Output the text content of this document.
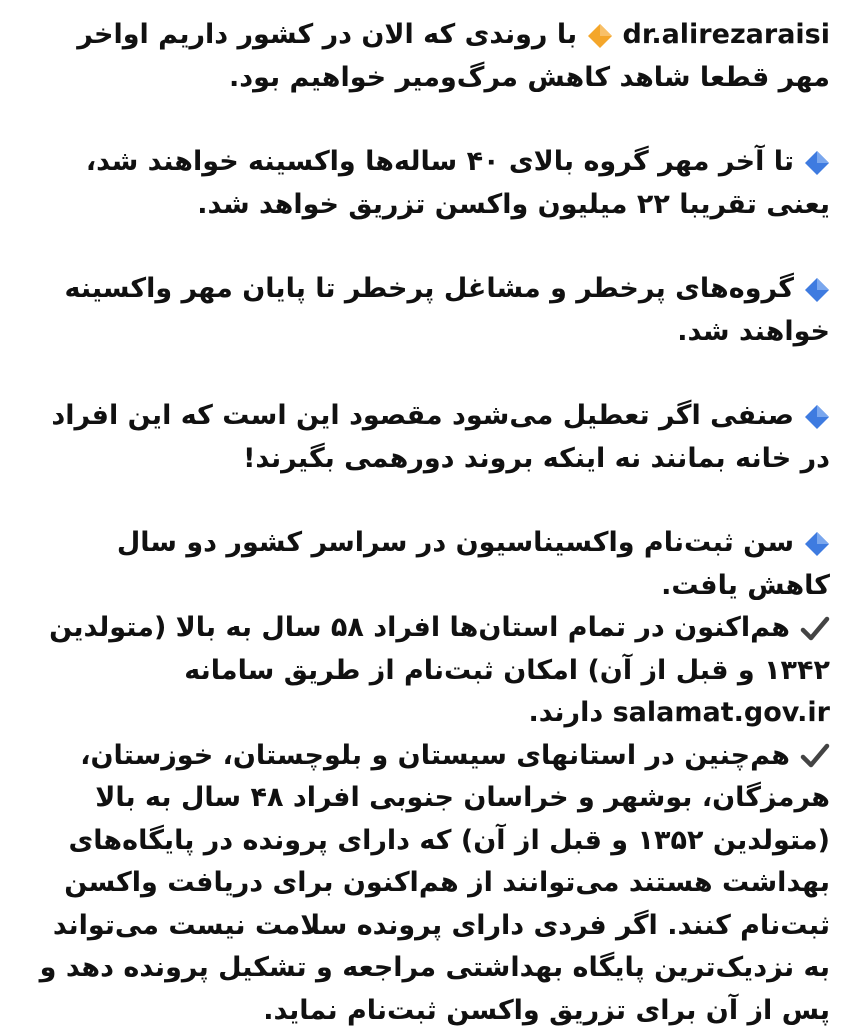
dr.alirezaraisi
با روندی که الان در کشور داریم اواخر مهر قطعا شاهد کاهش مرگ‌ومیر خواهیم بود.

تا آخر مهر گروه بالای ۴۰ ساله‌ها واکسینه خواهند شد، یعنی تقریبا ۲۲ میلیون واکسن تزریق خواهد شد.

گروه‌های پرخطر و مشاغل پرخطر تا پایان مهر واکسینه خواهند شد.

صنفی اگر تعطیل می‌شود مقصود این است که این افراد در خانه بمانند نه اینکه بروند دورهمی بگیرند!

سن ثبت‌نام واکسیناسیون در سراسر کشور دو سال کاهش یافت.

هم‌اکنون در تمام استان‌ها افراد ۵۸ سال به بالا (متولدین ۱۳۴۲ و قبل از آن) امکان ثبت‌نام از طریق سامانه salamat.gov.ir دارند.

هم‌چنین در استانهای سیستان و بلوچستان، خوزستان، هرمزگان، بوشهر و خراسان جنوبی افراد ۴۸ سال به بالا (متولدین ۱۳۵۲ و قبل از آن) که دارای پرونده در پایگاه‌های بهداشت هستند می‌توانند از هم‌اکنون برای دریافت واکسن ثبت‌نام کنند. اگر فردی دارای پرونده سلامت نیست می‌تواند به نزدیک‌ترین پایگاه بهداشتی مراجعه و تشکیل پرونده دهد و پس از آن برای تزریق واکسن ثبت‌نام نماید.
